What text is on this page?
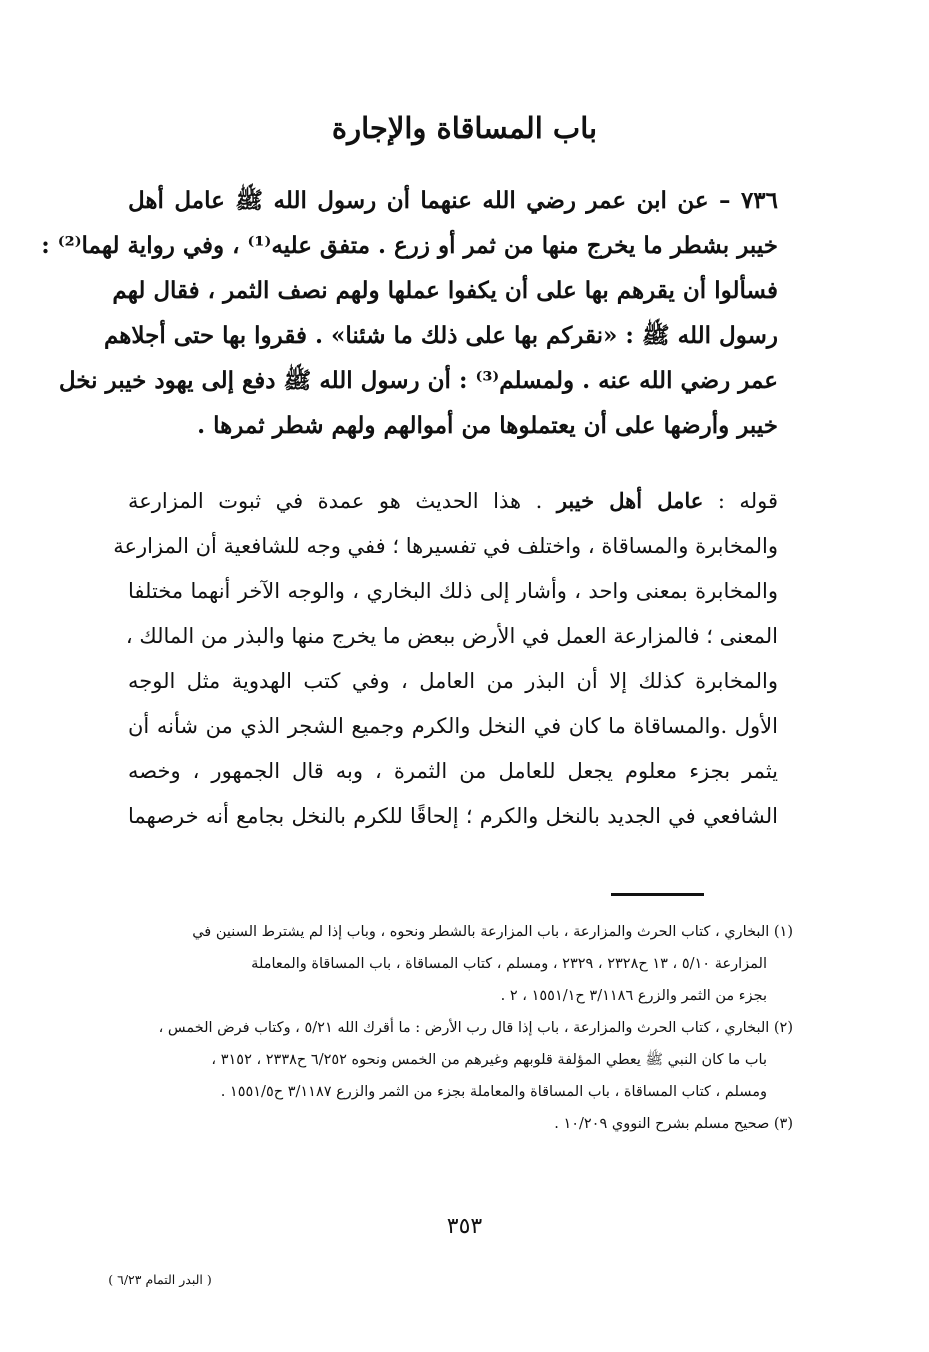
باب المساقاة والإجارة
٧٣٦ – عن ابن عمر رضي الله عنهما أن رسول الله ﷺ عامل أهل
خيبر بشطر ما يخرج منها من ثمر أو زرع . متفق عليه⁽¹⁾ ، وفي رواية لهما⁽²⁾ :
فسألوا أن يقرهم بها على أن يكفوا عملها ولهم نصف الثمر ، فقال لهم
رسول الله ﷺ : «نقركم بها على ذلك ما شئنا» . فقروا بها حتى أجلاهم
عمر رضي الله عنه . ولمسلم⁽³⁾ : أن رسول الله ﷺ دفع إلى يهود خيبر نخل
خيبر وأرضها على أن يعتملوها من أموالهم ولهم شطر ثمرها .
قوله : عامل أهل خيبر . هذا الحديث هو عمدة في ثبوت المزارعة
والمخابرة والمساقاة ، واختلف في تفسيرها ؛ ففي وجه للشافعية أن المزارعة
والمخابرة بمعنى واحد ، وأشار إلى ذلك البخاري ، والوجه الآخر أنهما مختلفا
المعنى ؛ فالمزارعة العمل في الأرض ببعض ما يخرج منها والبذر من المالك ،
والمخابرة كذلك إلا أن البذر من العامل ، وفي كتب الهدوية مثل الوجه
الأول .والمساقاة ما كان في النخل والكرم وجميع الشجر الذي من شأنه أن
يثمر بجزء معلوم يجعل للعامل من الثمرة ، وبه قال الجمهور ، وخصه
الشافعي في الجديد بالنخل والكرم ؛ إلحاقًا للكرم بالنخل بجامع أنه خرصهما
(١) البخاري ، كتاب الحرث والمزارعة ، باب المزارعة بالشطر ونحوه ، وباب إذا لم يشترط السنين في
المزارعة ٥/١٠ ، ١٣ ح٢٣٢٨ ، ٢٣٢٩ ، ومسلم ، كتاب المساقاة ، باب المساقاة والمعاملة
بجزء من الثمر والزرع ٣/١١٨٦ ح١٥٥١/١ ، ٢ .
(٢) البخاري ، كتاب الحرث والمزارعة ، باب إذا قال رب الأرض : ما أقرك الله ٥/٢١ ، وكتاب فرض الخمس ،
باب ما كان النبي ﷺ يعطي المؤلفة قلوبهم وغيرهم من الخمس ونحوه ٦/٢٥٢ ح٢٣٣٨ ، ٣١٥٢ ،
ومسلم ، كتاب المساقاة ، باب المساقاة والمعاملة بجزء من الثمر والزرع ٣/١١٨٧ ح١٥٥١/٥ .
(٣) صحيح مسلم بشرح النووي ١٠/٢٠٩ .
٣٥٣
( البدر التمام ٦/٢٣ )
